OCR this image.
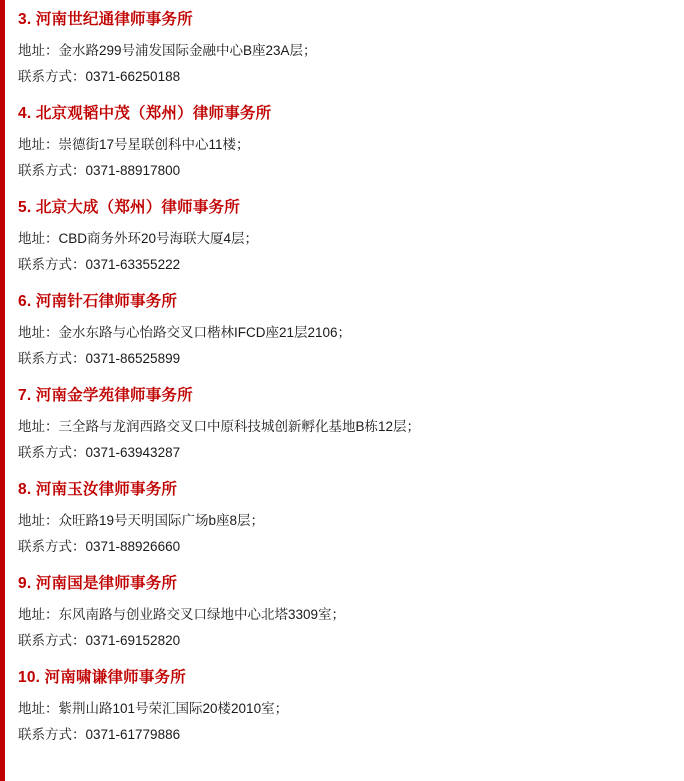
3. 河南世纪通律师事务所
地址：金水路299号浦发国际金融中心B座23A层；
联系方式：0371-66250188
4. 北京观韬中茂（郑州）律师事务所
地址：崇德街17号星联创科中心11楼；
联系方式：0371-88917800
5. 北京大成（郑州）律师事务所
地址：CBD商务外环20号海联大厦4层；
联系方式：0371-63355222
6. 河南针石律师事务所
地址：金水东路与心怡路交叉口楷林IFCD座21层2106；
联系方式：0371-86525899
7. 河南金学苑律师事务所
地址：三全路与龙润西路交叉口中原科技城创新孵化基地B栋12层；
联系方式：0371-63943287
8. 河南玉汝律师事务所
地址：众旺路19号天明国际广场b座8层；
联系方式：0371-88926660
9. 河南国是律师事务所
地址：东风南路与创业路交叉口绿地中心北塔3309室；
联系方式：0371-69152820
10. 河南啸谦律师事务所
地址：紫荆山路101号荣汇国际20楼2010室；
联系方式：0371-61779886
